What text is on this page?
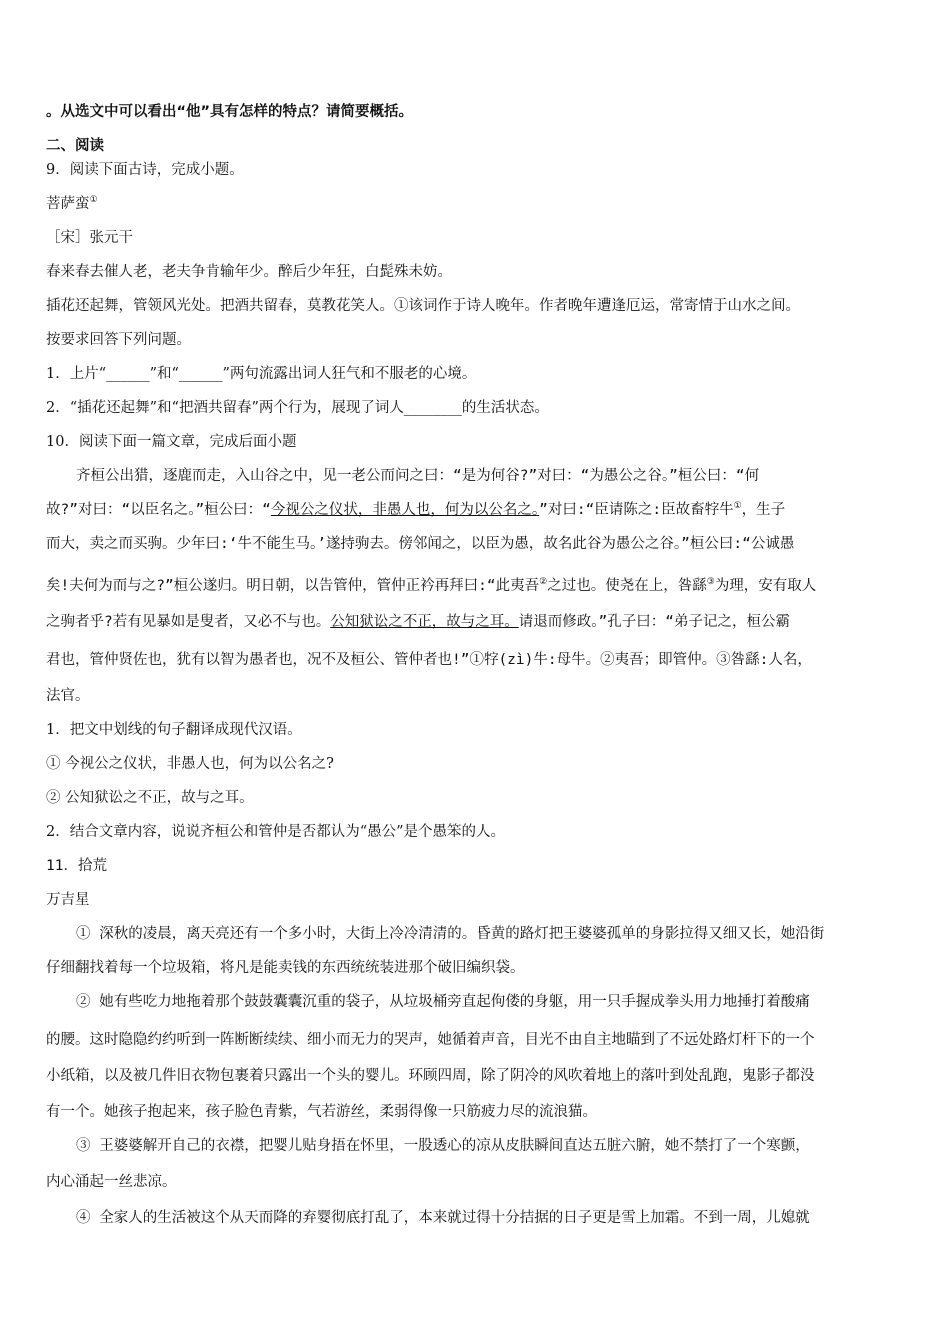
。从选文中可以看出“他”具有怎样的特点？请简要概括。
二、阅读
9．阅读下面古诗，完成小题。
菩萨蛮①
［宋］张元干
春来春去催人老，老夫争肯输年少。醉后少年狂，白髭殊未妨。
插花还起舞，管领风光处。把酒共留春，莫教花笑人。①该词作于诗人晚年。作者晚年遭逢厄运，常寄情于山水之间。
按要求回答下列问题。
1．上片“______”和“______”两句流露出词人狂气和不服老的心境。
2．“插花还起舞”和“把酒共留春”两个行为，展现了词人________的生活状态。
10．阅读下面一篇文章，完成后面小题
齐桓公出猎，逐鹿而走，入山谷之中，见一老公而问之曰：“是为何谷?”对曰：“为愚公之谷。”桓公曰：“何
故?”对曰：“以臣名之。”桓公曰：“今视公之仪状，非愚人也，何为以公名之。”对曰:“臣请陈之:臣故畜牸牛①，生子
而大，卖之而买驹。少年曰:‘牛不能生马。’遂持驹去。傍邻闻之，以臣为愚，故名此谷为愚公之谷。”桓公曰:“公诚愚
矣!夫何为而与之?”桓公遂归。明日朝，以告管仲，管仲正衿再拜曰:“此夷吾②之过也。使尧在上，咎繇③为理，安有取人
之驹者乎?若有见暴如是叟者，又必不与也。公知狱讼之不正，故与之耳。请退而修政。”孔子曰：“弟子记之，桓公霸
君也，管仲贤佐也，犹有以智为愚者也，况不及桓公、管仲者也!”①牸(zì)牛:母牛。②夷吾；即管仲。③咎繇:人名，
法官。
1．把文中划线的句子翻译成现代汉语。
① 今视公之仪状，非愚人也，何为以公名之?
② 公知狱讼之不正，故与之耳。
2．结合文章内容，说说齐桓公和管仲是否都认为“愚公”是个愚笨的人。
11．拾荒
万吉星
① 深秋的凌晨，离天亮还有一个多小时，大街上冷冷清清的。昏黄的路灯把王婆婆孤单的身影拉得又细又长，她沿街
仔细翻找着每一个垃圾箱，将凡是能卖钱的东西统统装进那个破旧编织袋。
② 她有些吃力地拖着那个鼓鼓囊囊沉重的袋子，从垃圾桶旁直起佝偻的身躯，用一只手握成拳头用力地捶打着酸痛
的腰。这时隐隐约约听到一阵断断续续、细小而无力的哭声，她循着声音，目光不由自主地瞄到了不远处路灯杆下的一个
小纸箱，以及被几件旧衣物包裹着只露出一个头的婴儿。环顾四周，除了阴冷的风吹着地上的落叶到处乱跑，鬼影子都没
有一个。她孩子抱起来，孩子脸色青紫，气若游丝，柔弱得像一只筋疲力尽的流浪猫。
③ 王婆婆解开自己的衣襟，把婴儿贴身捂在怀里，一股透心的凉从皮肤瞬间直达五脏六腑，她不禁打了一个寒颤，
内心涌起一丝悲凉。
④ 全家人的生活被这个从天而降的弃婴彻底打乱了，本来就过得十分拮据的日子更是雪上加霜。不到一周，儿媳就
